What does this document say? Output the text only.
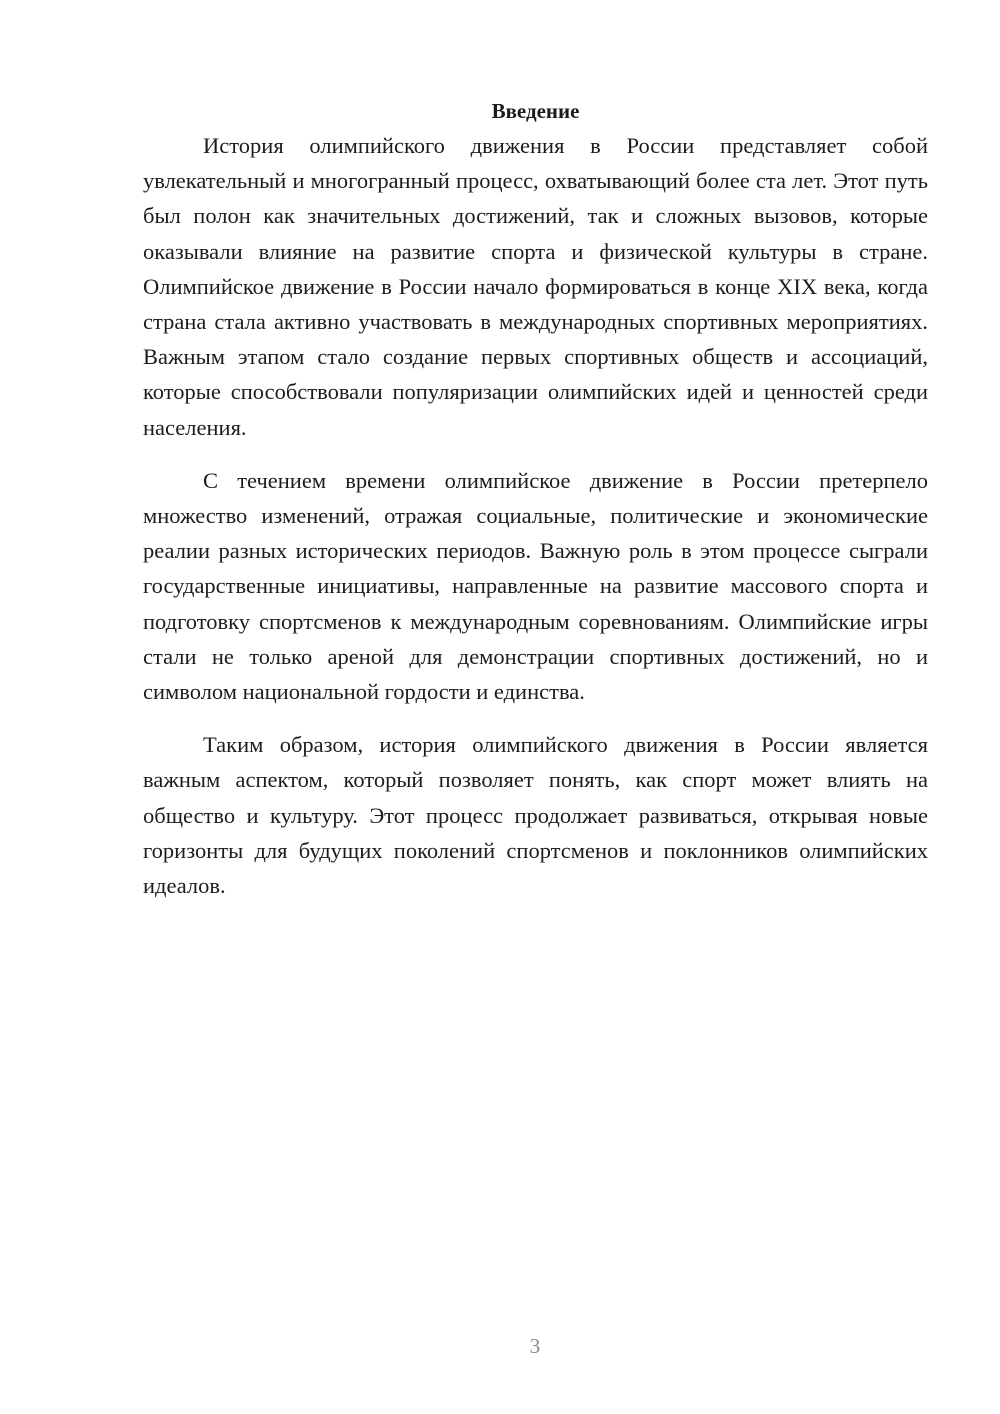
Введение

История олимпийского движения в России представляет собой увлекательный и многогранный процесс, охватывающий более ста лет. Этот путь был полон как значительных достижений, так и сложных вызовов, которые оказывали влияние на развитие спорта и физической культуры в стране. Олимпийское движение в России начало формироваться в конце XIX века, когда страна стала активно участвовать в международных спортивных мероприятиях. Важным этапом стало создание первых спортивных обществ и ассоциаций, которые способствовали популяризации олимпийских идей и ценностей среди населения.

С течением времени олимпийское движение в России претерпело множество изменений, отражая социальные, политические и экономические реалии разных исторических периодов. Важную роль в этом процессе сыграли государственные инициативы, направленные на развитие массового спорта и подготовку спортсменов к международным соревнованиям. Олимпийские игры стали не только ареной для демонстрации спортивных достижений, но и символом национальной гордости и единства.

Таким образом, история олимпийского движения в России является важным аспектом, который позволяет понять, как спорт может влиять на общество и культуру. Этот процесс продолжает развиваться, открывая новые горизонты для будущих поколений спортсменов и поклонников олимпийских идеалов.

3
